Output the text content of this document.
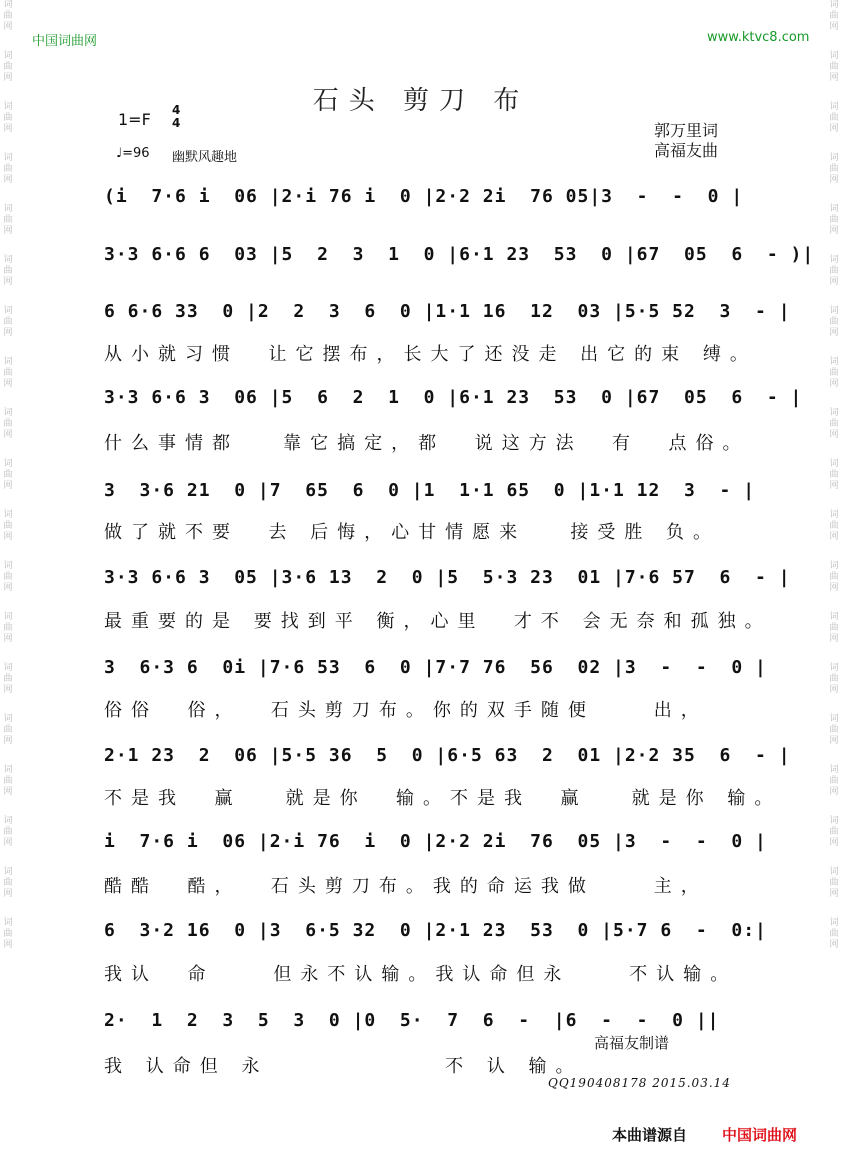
词
曲
网
词
曲
网
词
曲
网
词
曲
网
词
曲
网
词
曲
网
词
曲
网
词
曲
网
词
曲
网
词
曲
网
词
曲
网
词
曲
网
词
曲
网
词
曲
网
词
曲
网
词
曲
网
词
曲
网
词
曲
网
词
曲
网
词
曲
网
词
曲
网
词
曲
网
词
曲
网
词
曲
网
词
曲
网
词
曲
网
词
曲
网
词
曲
网
词
曲
网
词
曲
网
词
曲
网
词
曲
网
词
曲
网
词
曲
网
词
曲
网
词
曲
网
词
曲
网
词
曲
网
中国词曲网	www.ktvc8.com
石头 剪刀 布
1=F 4
4
♩=96 幽默风趣地
郭万里词
高福友曲
(i  7·6 i  06 |2·i 76 i  0 |2·2 2i  76 05|3  -  -  0 |
3·3 6·6 6  03 |5  2  3  1  0 |6·1 23  53  0 |67  05  6  - )|
6 6·6 33  0 |2  2  3  6  0 |1·1 16  12  03 |5·5 52  3  - |
从小就习惯  让它摆布，长大了还没走 出它的束 缚。
3·3 6·6 3  06 |5  6  2  1  0 |6·1 23  53  0 |67  05  6  - |
什么事情都   靠它搞定，都  说这方法  有  点俗。
3  3·6 21  0 |7  65  6  0 |1  1·1 65  0 |1·1 12  3  - |
做了就不要  去 后悔，心甘情愿来   接受胜 负。
3·3 6·6 3  05 |3·6 13  2  0 |5  5·3 23  01 |7·6 57  6  - |
最重要的是 要找到平 衡，心里  才不 会无奈和孤独。
3  6·3 6  0i |7·6 53  6  0 |7·7 76  56  02 |3  -  -  0 |
俗俗  俗，  石头剪刀布。你的双手随便    出，
2·1 23  2  06 |5·5 36  5  0 |6·5 63  2  01 |2·2 35  6  - |
不是我  赢   就是你  输。不是我  赢   就是你 输。
i  7·6 i  06 |2·i 76  i  0 |2·2 2i  76  05 |3  -  -  0 |
酷酷  酷，  石头剪刀布。我的命运我做    主，
6  3·2 16  0 |3  6·5 32  0 |2·1 23  53  0 |5·7 6  -  0:|
我认  命    但永不认输。我认命但永    不认输。
2·  1  2  3  5  3  0 |0  5·  7  6  -  |6  -  -  0 ||
我 认命但 永            不 认 输。
高福友制谱
QQ190408178 2015.03.14
本曲谱源自 中国词曲网
